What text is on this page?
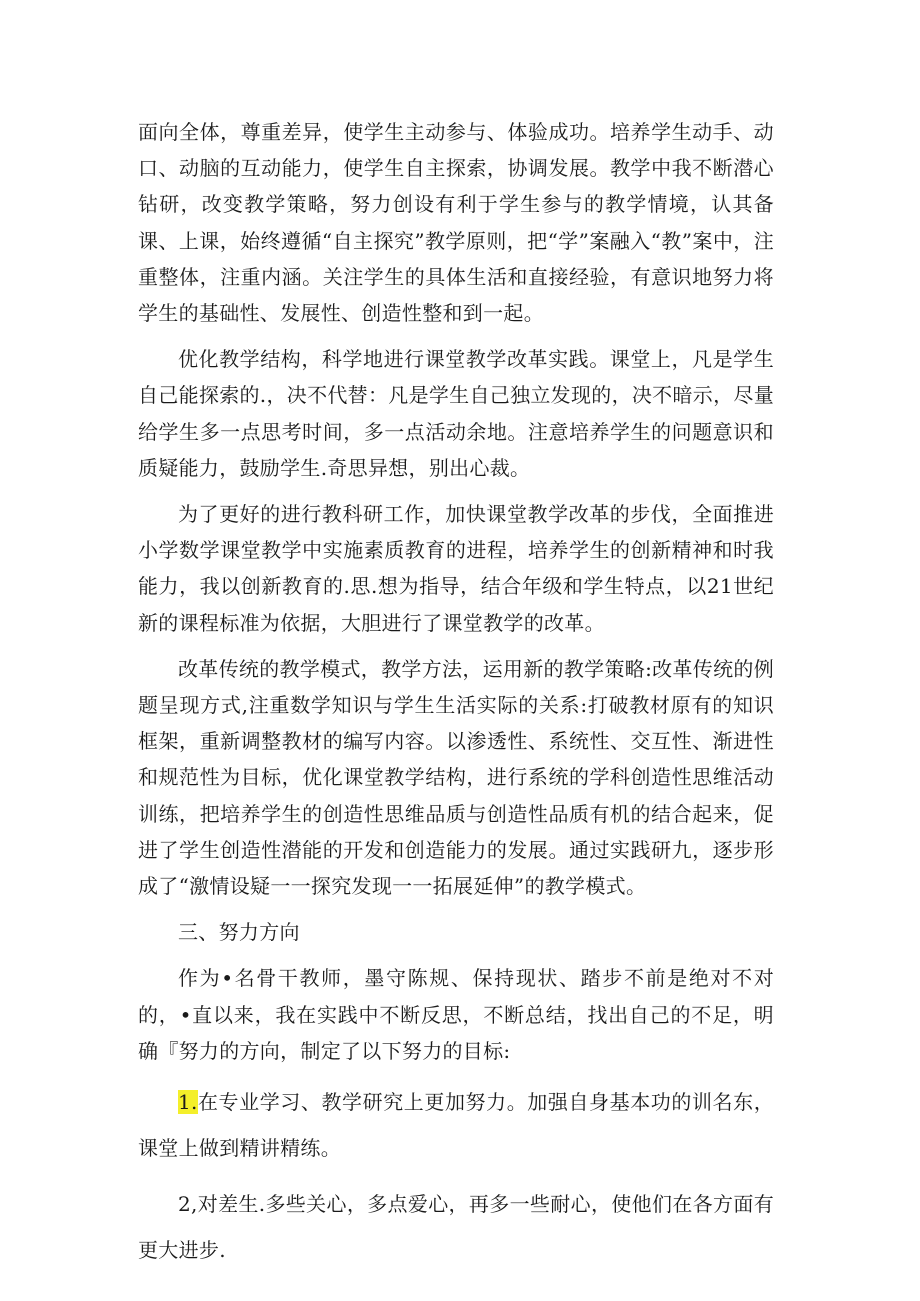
面向全体，尊重差异，使学生主动参与、体验成功。培养学生动手、动口、动脑的互动能力，使学生自主探索，协调发展。教学中我不断潜心钻研，改变教学策略，努力创设有利于学生参与的教学情境，认其备课、上课，始终遵循“自主探究”教学原则，把“学”案融入“教”案中，注重整体，注重内涵。关注学生的具体生活和直接经验，有意识地努力将学生的基础性、发展性、创造性整和到一起。

优化教学结构，科学地进行课堂教学改革实践。课堂上，凡是学生自己能探索的.，决不代替：凡是学生自己独立发现的，决不暗示，尽量给学生多一点思考时间，多一点活动余地。注意培养学生的问题意识和质疑能力，鼓励学生.奇思异想，别出心裁。

为了更好的进行教科研工作，加快课堂教学改革的步伐，全面推进小学数学课堂教学中实施素质教育的进程，培养学生的创新精神和时我能力，我以创新教育的.思.想为指导，结合年级和学生特点，以21世纪新的课程标准为依据，大胆进行了课堂教学的改革。

改革传统的教学模式，教学方法，运用新的教学策略:改革传统的例题呈现方式,注重数学知识与学生生活实际的关系:打破教材原有的知识框架，重新调整教材的编写内容。以渗透性、系统性、交互性、渐进性和规范性为目标，优化课堂教学结构，进行系统的学科创造性思维活动训练，把培养学生的创造性思维品质与创造性品质有机的结合起来，促进了学生创造性潜能的开发和创造能力的发展。通过实践研九，逐步形成了“激情设疑一一探究发现一一拓展延伸”的教学模式。

三、努力方向

作为•名骨干教师，墨守陈规、保持现状、踏步不前是绝对不对的，•直以来，我在实践中不断反思，不断总结，找出自己的不足，明确『努力的方向，制定了以下努力的目标:

1.在专业学习、教学研究上更加努力。加强自身基本功的训名东，课堂上做到精讲精练。

2,对差生.多些关心，多点爱心，再多一些耐心，使他们在各方面有更大进步.
